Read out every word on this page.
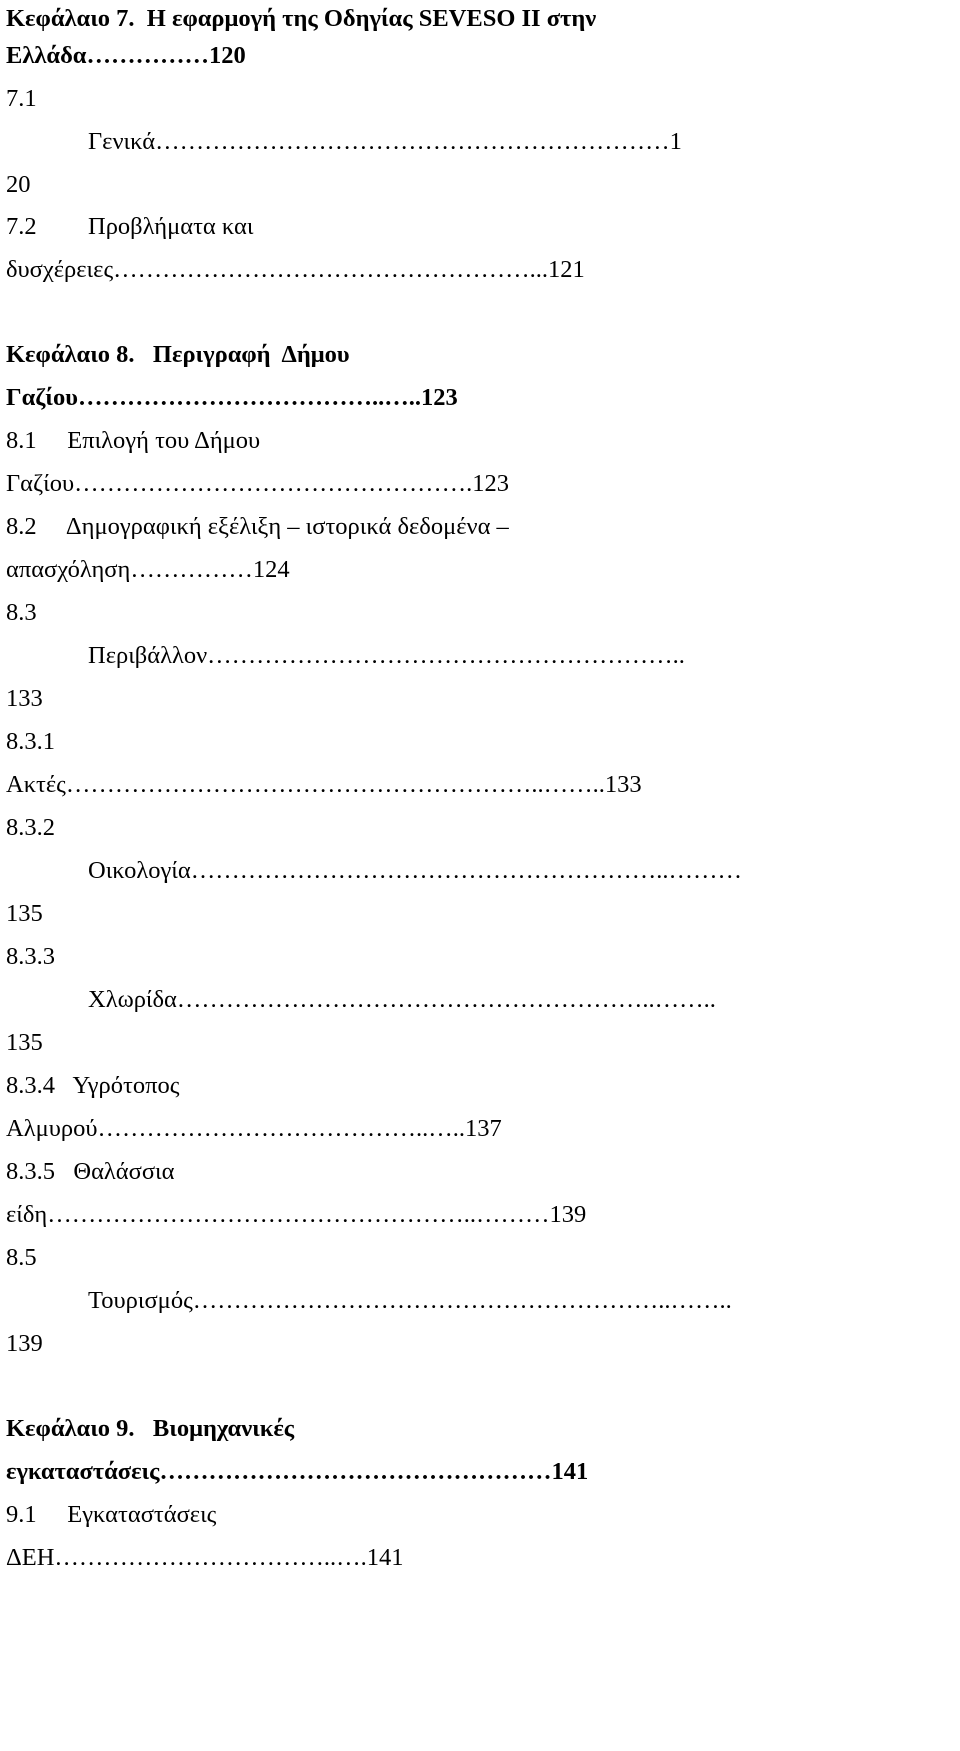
Κεφάλαιο 7.  Η εφαρμογή της Οδηγίας SEVESO II στην

Ελλάδα……………120

7.1

Γενικά………………………………………………………1

20

7.2

Προβλήματα και

δυσχέρειες……………………………………………...121

Κεφάλαιο 8.   Περιγραφή  Δήμου

Γαζίου………………………………..…..123

8.1     Επιλογή του Δήμου

Γαζίου………………………………………….123

8.2     Δημογραφική εξέλιξη – ιστορικά δεδομένα –

απασχόληση……………124

8.3

Περιβάλλον…………………………………………………..

133

8.3.1

Ακτές…………………………………………………..……..133

8.3.2

Οικολογία…………………………………………………..………

135

8.3.3

Χλωρίδα…………………………………………………..……..

135

8.3.4   Υγρότοπος

Αλμυρού…………………………………..…..137

8.3.5   Θαλάσσια

είδη……………………………………………..………139

8.5

Τουρισμός…………………………………………………..……..

139

Κεφάλαιο 9.   Βιομηχανικές

εγκαταστάσεις…………………………………………141

9.1     Εγκαταστάσεις

ΔΕΗ……………………………..….141
